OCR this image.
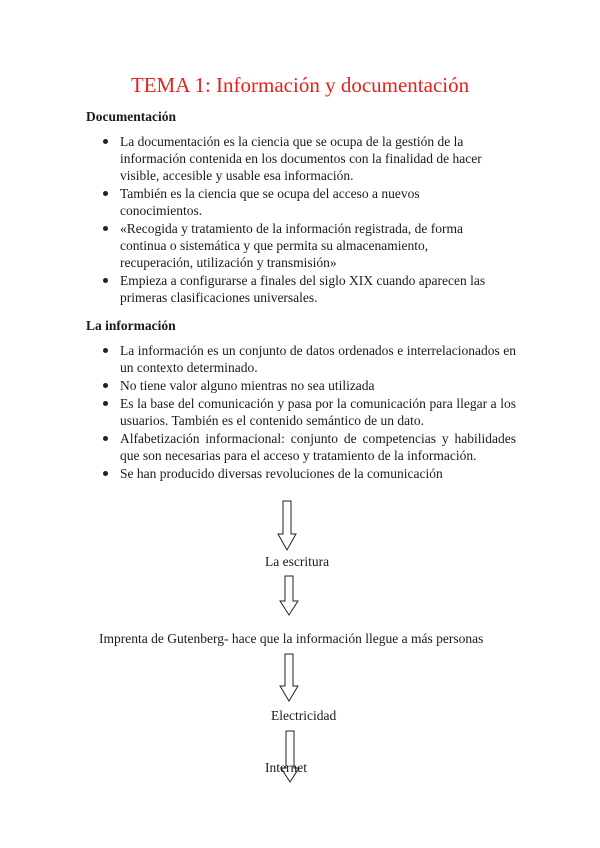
TEMA 1: Información y documentación
Documentación
La documentación es la ciencia que se ocupa de la gestión de la información contenida en los documentos con la finalidad de hacer visible, accesible y usable esa información.
También es la ciencia que se ocupa del acceso a nuevos conocimientos.
«Recogida y tratamiento de la información registrada, de forma continua o sistemática y que permita su almacenamiento, recuperación, utilización y transmisión»
Empieza a configurarse a finales del siglo XIX cuando aparecen las primeras clasificaciones universales.
La información
La información es un conjunto de datos ordenados e interrelacionados en un contexto determinado.
No tiene valor alguno mientras no sea utilizada
Es la base del comunicación y pasa por la comunicación para llegar a los usuarios. También es el contenido semántico de un dato.
Alfabetización informacional: conjunto de competencias y habilidades que son necesarias para el acceso y tratamiento de la información.
Se han producido diversas revoluciones de la comunicación
La escritura
Imprenta de Gutenberg- hace que la información llegue a más personas
Electricidad
Internet
